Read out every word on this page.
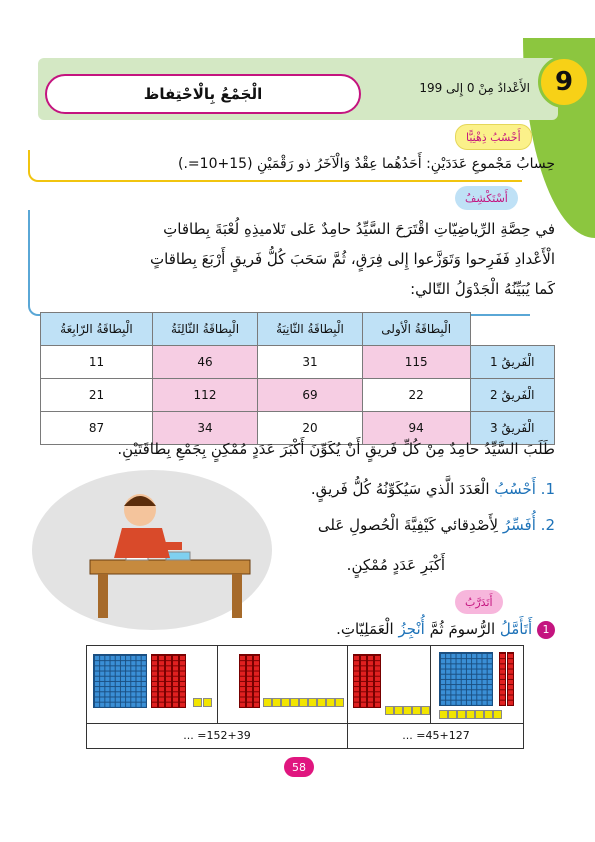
9
الأَعْدادُ مِنْ 0 إِلى 199
الْجَمْعُ بِالْاحْتِفاظ
أَحْسُبُ ذِهْنِيًّا
حِسابُ مَجْموعِ عَدَدَيْنِ: أَحَدُهُما عِقْدٌ وَالْآخَرُ ذو رَقْمَيْنِ (15+10=.)
أَسْتَكْشِفُ
في حِصَّةِ الرِّياضِيّاتِ اقْتَرَحَ السَّيِّدُ حامِدٌ عَلى تَلاميذِهِ لُعْبَةَ بِطاقاتِ
الْأَعْدادِ فَفَرِحوا وَتَوَزَّعوا إِلى فِرَقٍ، ثُمَّ سَحَبَ كُلُّ فَريقٍ أَرْبَعَ بِطاقاتٍ
كَما يُبَيِّنُهُ الْجَدْوَلُ التّالي:
الْبِطاقَةُ الرّابِعَةُ	الْبِطاقَةُ الثّالِثَةُ	الْبِطاقَةُ الثّانِيَةُ	الْبِطاقَةُ الْأولى	
11	46	31	115	الْفَريقُ 1
21	112	69	22	الْفَريقُ 2
87	34	20	94	الْفَريقُ 3
طَلَبَ السَّيِّدُ حامِدٌ مِنْ كُلِّ فَريقٍ أَنْ يُكَوِّنَ أَكْبَرَ عَدَدٍ مُمْكِنٍ بِجَمْعِ بِطاقَتَيْنِ.
1. أَحْسُبُ الْعَدَدَ الَّذي سَيُكَوِّنُهُ كُلُّ فَريقٍ.
2. أُفَسِّرُ لِأَصْدِقائي كَيْفِيَّةَ الْحُصولِ عَلى
أَكْبَرِ عَدَدٍ مُمْكِنٍ.
أَتَدَرَّبُ
1 أَتَأَمَّلُ الرُّسومَ ثُمَّ أُنْجِزُ الْعَمَلِيّاتِ.
... =152+39	... =45+127
58
